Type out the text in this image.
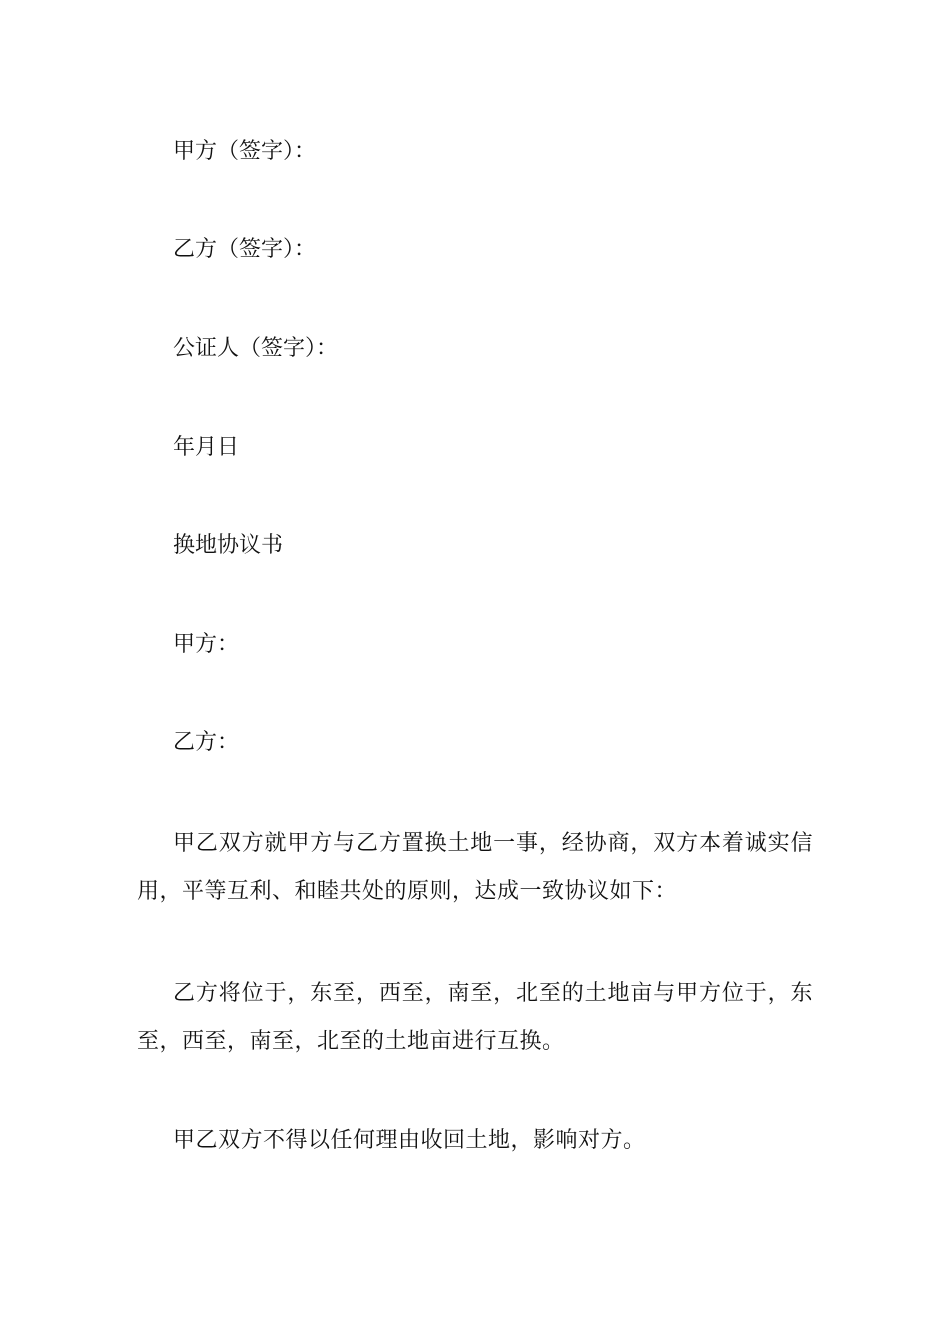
甲方（签字）：
乙方（签字）：
公证人（签字）：
年月日
换地协议书
甲方：
乙方：
甲乙双方就甲方与乙方置换土地一事，经协商，双方本着诚实信用，平等互利、和睦共处的原则，达成一致协议如下：
乙方将位于，东至，西至，南至，北至的土地亩与甲方位于，东至，西至，南至，北至的土地亩进行互换。
甲乙双方不得以任何理由收回土地，影响对方。
